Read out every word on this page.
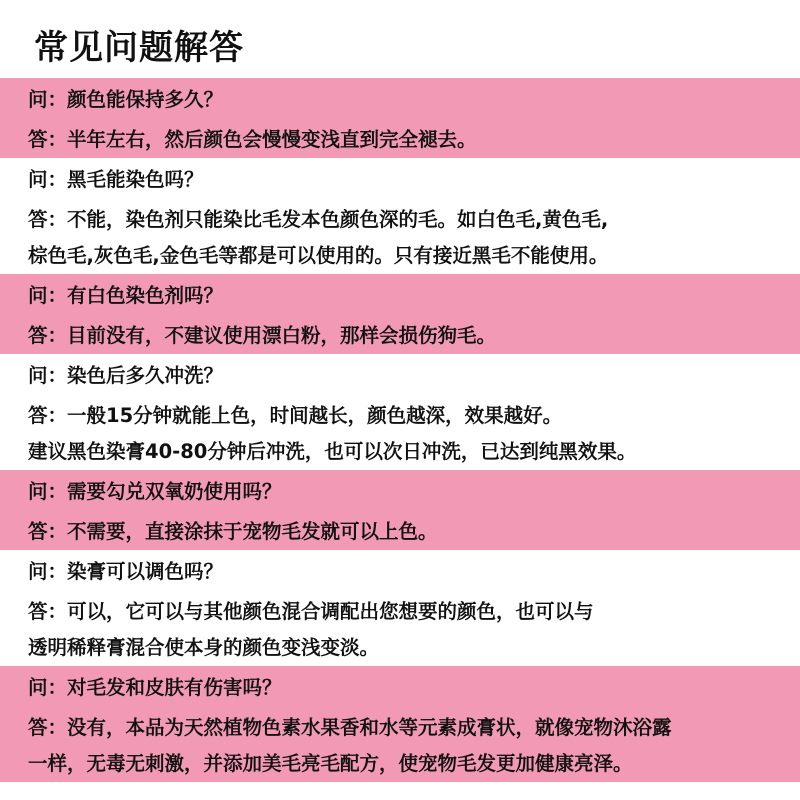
常见问题解答
问：颜色能保持多久？
答：半年左右，然后颜色会慢慢变浅直到完全褪去。
问：黑毛能染色吗？
答：不能，染色剂只能染比毛发本色颜色深的毛。如白色毛,黄色毛,
棕色毛,灰色毛,金色毛等都是可以使用的。只有接近黑毛不能使用。
问：有白色染色剂吗？
答：目前没有，不建议使用漂白粉，那样会损伤狗毛。
问：染色后多久冲洗？
答：一般15分钟就能上色，时间越长，颜色越深，效果越好。
建议黑色染膏40-80分钟后冲洗，也可以次日冲洗，已达到纯黑效果。
问：需要勾兑双氧奶使用吗？
答：不需要，直接涂抹于宠物毛发就可以上色。
问：染膏可以调色吗？
答：可以，它可以与其他颜色混合调配出您想要的颜色，也可以与
透明稀释膏混合使本身的颜色变浅变淡。
问：对毛发和皮肤有伤害吗？
答：没有，本品为天然植物色素水果香和水等元素成膏状，就像宠物沐浴露
一样，无毒无刺激，并添加美毛亮毛配方，使宠物毛发更加健康亮泽。
